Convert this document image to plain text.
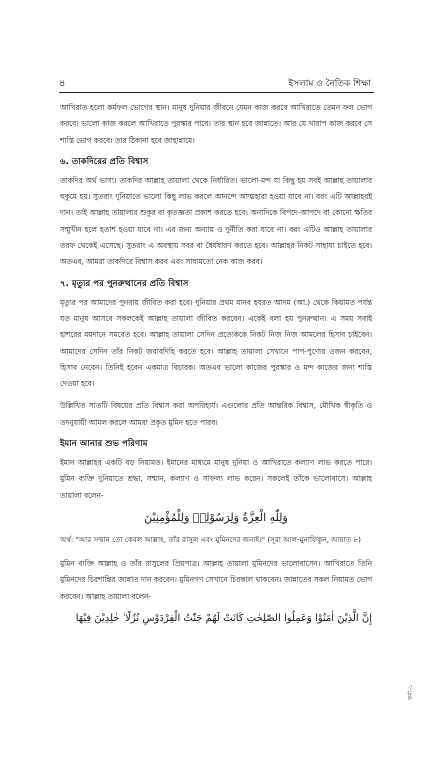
৪	ইসলাম ও নৈতিক শিক্ষা

আখিরাত হলো কর্মফল ভোগের স্থান। মানুষ দুনিয়ার জীবনে যেমন কাজ করবে আখিরাতে তেমন ফল ভোগ করবে। ভালো কাজ করলে আখিরাতে পুরস্কার পাবে। তার স্থান হবে জান্নাতে। আর যে খারাপ কাজ করবে সে শাস্তি ভোগ করবে। তার ঠিকানা হবে জাহান্নামে।

৬. তাকদিরের প্রতি বিশ্বাস

তাকদির অর্থ ভাগ্য। তাকদির আল্লাহ তায়ালা থেকে নির্ধারিত। ভালো-মন্দ যা কিছু হয় সবই আল্লাহ তায়ালার হুকুমে হয়। সুতরাং দুনিয়াতে ভালো কিছু লাভ করলে আনন্দে আত্মহারা হওয়া যাবে না। বরং এটি আল্লাহরই দান। তাই আল্লাহ তায়ালার শুকুর বা কৃতজ্ঞতা প্রকাশ করতে হবে। অন্যদিকে বিপদে-আপদে বা কোনো ক্ষতির সম্মুখীন হলে হতাশ হওয়া যাবে না। এর জন্য অন্যায় ও দুর্নীতি করা যাবে না। বরং এটিও আল্লাহ তায়ালার তরফ থেকেই এসেছে। সুতরাং এ অবস্থায় সবর বা ধৈর্যধারণ করতে হবে। আল্লাহর নিকট সাহায্য চাইতে হবে। অতএব, আমরা তাকদিরে বিশ্বাস করব এবং সাধ্যমতো নেক কাজ করব।

৭. মৃত্যুর পর পুনরুত্থানের প্রতি বিশ্বাস

মৃত্যুর পর আমাদের পুনরায় জীবিত করা হবে। দুনিয়ার প্রথম মানব হযরত আদম (আ.) থেকে কিয়ামত পর্যন্ত যত মানুষ আসবে সকলকেই আল্লাহ তায়ালা জীবিত করবেন। একেই বলা হয় পুনরুত্থান। এ সময় সবাই হাশরের ময়দানে সমবেত হবে। আল্লাহ তায়ালা সেদিন প্রত্যেককে নিকট নিজ নিজ আমলের হিসাব চাইবেন। আমাদের সেদিন তাঁর নিকট জবাবদিহি করতে হবে। আল্লাহ তায়ালা সেখানে পাপ-পুণ্যের ওজন করবেন, হিসাব নেবেন। তিনিই হবেন একমাত্র বিচারক। অতএব ভালো কাজের পুরস্কার ও মন্দ কাজের জন্য শাস্তি দেওয়া হবে।

উল্লিখিত সাতটি বিষয়ের প্রতি বিশ্বাস করা অপরিহার্য। এগুলোর প্রতি আন্তরিক বিশ্বাস, মৌখিক স্বীকৃতি ও তদনুযায়ী আমল করলে আমরা প্রকৃত মুমিন হতে পারব।

ইমান আনার শুভ পরিণাম

ইমান আল্লাহর একটি বড় নিয়ামত। ইমানের মাধ্যমে মানুষ দুনিয়া ও আখিরাতে কল্যাণ লাভ করতে পারে। মুমিন ব্যক্তি দুনিয়াতে শ্রদ্ধা, সম্মান, কল্যাণ ও সাফল্য লাভ করেন। সকলেই তাঁকে ভালোবাসে। আল্লাহ তায়ালা বলেন-

وَلِلّٰهِ الْعِزَّةُ وَلِرَسُوْلِهٖ وَلِلْمُؤْمِنِيْنَ

অর্থ: "আর সম্মান তো কেবল আল্লাহ, তাঁর রাসুল এবং মুমিনদের জন্যই।" (সূরা আল-মুনাফিকুন, আয়াত ৮)

মুমিন ব্যক্তি আল্লাহ ও তাঁর রাসুলের প্রিয়পাত্র। আল্লাহ তায়ালা মুমিনদের ভালোবাসেন। আখিরাতে তিনি মুমিনদের চিরশান্তির জান্নাত দান করবেন। মুমিনগণ সেখানে চিরকাল থাকবেন। জান্নাতের সকল নিয়ামত ভোগ করবেন। আল্লাহ তায়ালা বলেন-

إِنَّ الَّذِيْنَ اٰمَنُوْا وَعَمِلُوا الصّٰلِحٰتِ كَانَتْ لَهُمْ جَنّٰتُ الْفِرْدَوْسِ نُزُلًا ۙ خٰلِدِيْنَ فِيْهَا
ফর্মা-১
